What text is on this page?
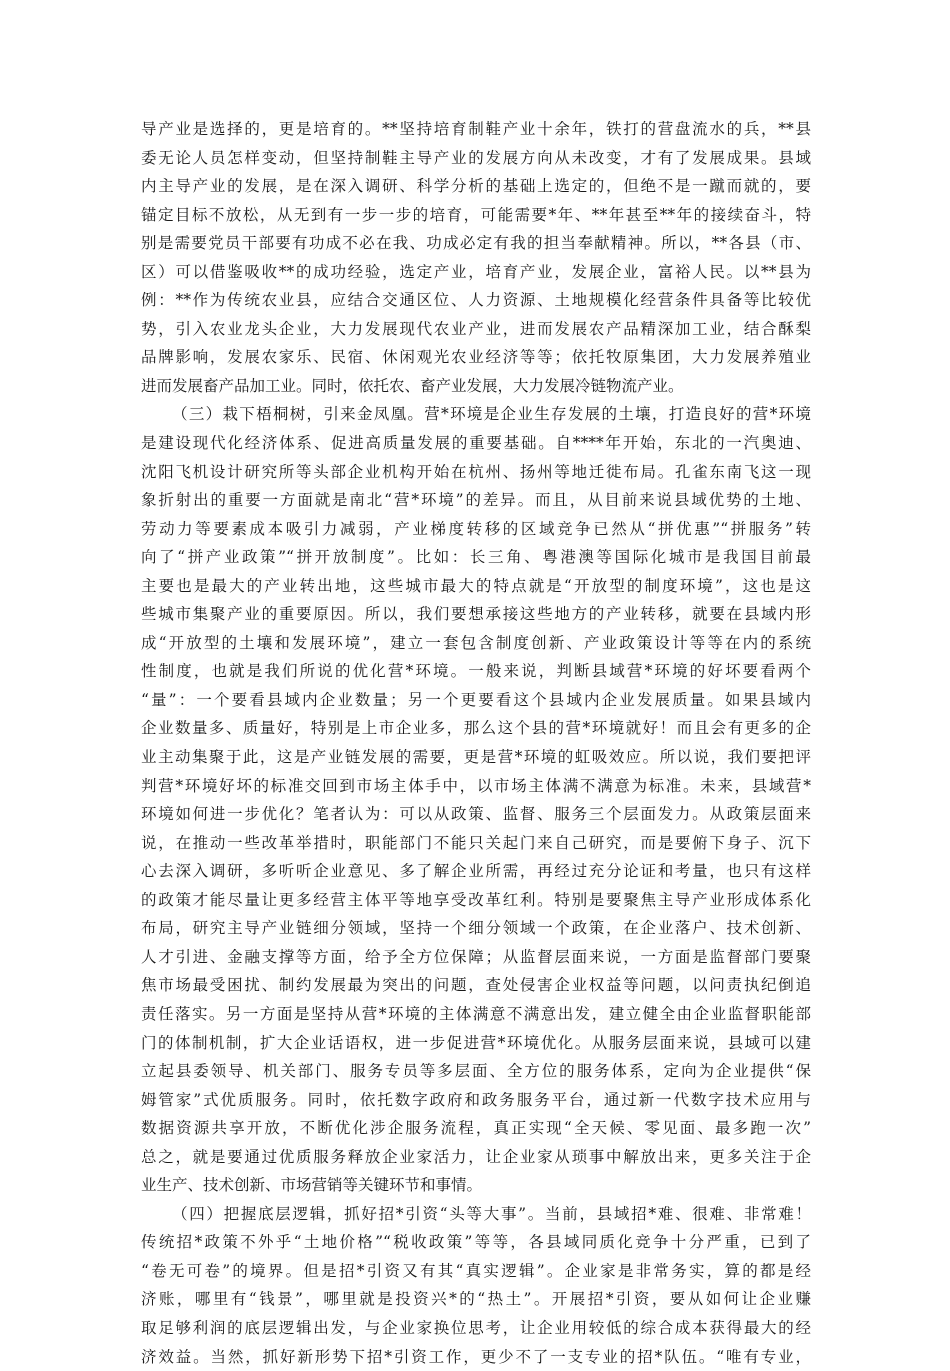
导产业是选择的，更是培育的。**坚持培育制鞋产业十余年，铁打的营盘流水的兵，**县
委无论人员怎样变动，但坚持制鞋主导产业的发展方向从未改变，才有了发展成果。县域
内主导产业的发展，是在深入调研、科学分析的基础上选定的，但绝不是一蹴而就的，要
锚定目标不放松，从无到有一步一步的培育，可能需要*年、**年甚至**年的接续奋斗，特
别是需要党员干部要有功成不必在我、功成必定有我的担当奉献精神。所以，**各县（市、
区）可以借鉴吸收**的成功经验，选定产业，培育产业，发展企业，富裕人民。以**县为
例：**作为传统农业县，应结合交通区位、人力资源、土地规模化经营条件具备等比较优
势，引入农业龙头企业，大力发展现代农业产业，进而发展农产品精深加工业，结合酥梨
品牌影响，发展农家乐、民宿、休闲观光农业经济等等；依托牧原集团，大力发展养殖业
进而发展畜产品加工业。同时，依托农、畜产业发展，大力发展冷链物流产业。
（三）栽下梧桐树，引来金凤凰。营*环境是企业生存发展的土壤，打造良好的营*环境
是建设现代化经济体系、促进高质量发展的重要基础。自****年开始，东北的一汽奥迪、
沈阳飞机设计研究所等头部企业机构开始在杭州、扬州等地迁徙布局。孔雀东南飞这一现
象折射出的重要一方面就是南北“营*环境”的差异。而且，从目前来说县域优势的土地、
劳动力等要素成本吸引力减弱，产业梯度转移的区域竞争已然从“拼优惠”“拼服务”转
向了“拼产业政策”“拼开放制度”。比如：长三角、粤港澳等国际化城市是我国目前最
主要也是最大的产业转出地，这些城市最大的特点就是“开放型的制度环境”，这也是这
些城市集聚产业的重要原因。所以，我们要想承接这些地方的产业转移，就要在县域内形
成“开放型的土壤和发展环境”，建立一套包含制度创新、产业政策设计等等在内的系统
性制度，也就是我们所说的优化营*环境。一般来说，判断县域营*环境的好坏要看两个
“量”：一个要看县域内企业数量；另一个更要看这个县域内企业发展质量。如果县域内
企业数量多、质量好，特别是上市企业多，那么这个县的营*环境就好！而且会有更多的企
业主动集聚于此，这是产业链发展的需要，更是营*环境的虹吸效应。所以说，我们要把评
判营*环境好坏的标准交回到市场主体手中，以市场主体满不满意为标准。未来，县域营*
环境如何进一步优化？笔者认为：可以从政策、监督、服务三个层面发力。从政策层面来
说，在推动一些改革举措时，职能部门不能只关起门来自己研究，而是要俯下身子、沉下
心去深入调研，多听听企业意见、多了解企业所需，再经过充分论证和考量，也只有这样
的政策才能尽量让更多经营主体平等地享受改革红利。特别是要聚焦主导产业形成体系化
布局，研究主导产业链细分领域，坚持一个细分领域一个政策，在企业落户、技术创新、
人才引进、金融支撑等方面，给予全方位保障；从监督层面来说，一方面是监督部门要聚
焦市场最受困扰、制约发展最为突出的问题，查处侵害企业权益等问题，以问责执纪倒追
责任落实。另一方面是坚持从营*环境的主体满意不满意出发，建立健全由企业监督职能部
门的体制机制，扩大企业话语权，进一步促进营*环境优化。从服务层面来说，县域可以建
立起县委领导、机关部门、服务专员等多层面、全方位的服务体系，定向为企业提供“保
姆管家”式优质服务。同时，依托数字政府和政务服务平台，通过新一代数字技术应用与
数据资源共享开放，不断优化涉企服务流程，真正实现“全天候、零见面、最多跑一次”
总之，就是要通过优质服务释放企业家活力，让企业家从琐事中解放出来，更多关注于企
业生产、技术创新、市场营销等关键环节和事情。
（四）把握底层逻辑，抓好招*引资“头等大事”。当前，县域招*难、很难、非常难！
传统招*政策不外乎“土地价格”“税收政策”等等，各县域同质化竞争十分严重，已到了
“卷无可卷”的境界。但是招*引资又有其“真实逻辑”。企业家是非常务实，算的都是经
济账，哪里有“钱景”，哪里就是投资兴*的“热土”。开展招*引资，要从如何让企业赚
取足够利润的底层逻辑出发，与企业家换位思考，让企业用较低的综合成本获得最大的经
济效益。当然，抓好新形势下招*引资工作，更少不了一支专业的招*队伍。“唯有专业，
